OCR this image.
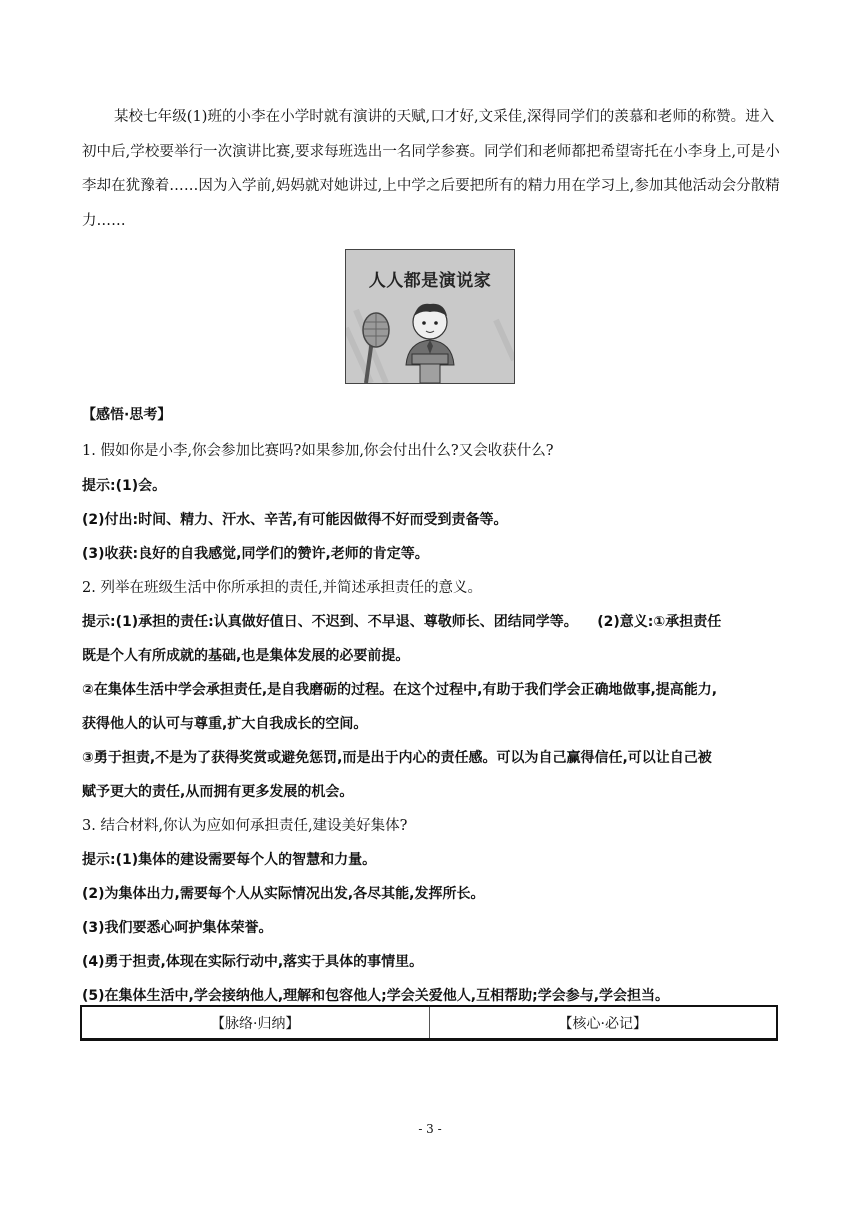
某校七年级(1)班的小李在小学时就有演讲的天赋,口才好,文采佳,深得同学们的羡慕和老师的称赞。进入初中后,学校要举行一次演讲比赛,要求每班选出一名同学参赛。同学们和老师都把希望寄托在小李身上,可是小李却在犹豫着……因为入学前,妈妈就对她讲过,上中学之后要把所有的精力用在学习上,参加其他活动会分散精力……
人人都是演说家
【感悟·思考】
1. 假如你是小李,你会参加比赛吗?如果参加,你会付出什么?又会收获什么?
提示:(1)会。
(2)付出:时间、精力、汗水、辛苦,有可能因做得不好而受到责备等。
(3)收获:良好的自我感觉,同学们的赞许,老师的肯定等。
2. 列举在班级生活中你所承担的责任,并简述承担责任的意义。
提示:(1)承担的责任:认真做好值日、不迟到、不早退、尊敬师长、团结同学等。    (2)意义:①承担责任
既是个人有所成就的基础,也是集体发展的必要前提。
②在集体生活中学会承担责任,是自我磨砺的过程。在这个过程中,有助于我们学会正确地做事,提高能力,
获得他人的认可与尊重,扩大自我成长的空间。
③勇于担责,不是为了获得奖赏或避免惩罚,而是出于内心的责任感。可以为自己赢得信任,可以让自己被
赋予更大的责任,从而拥有更多发展的机会。
3. 结合材料,你认为应如何承担责任,建设美好集体?
提示:(1)集体的建设需要每个人的智慧和力量。
(2)为集体出力,需要每个人从实际情况出发,各尽其能,发挥所长。
(3)我们要悉心呵护集体荣誉。
(4)勇于担责,体现在实际行动中,落实于具体的事情里。
(5)在集体生活中,学会接纳他人,理解和包容他人;学会关爱他人,互相帮助;学会参与,学会担当。
【脉络·归纳】	【核心·必记】
- 3 -
